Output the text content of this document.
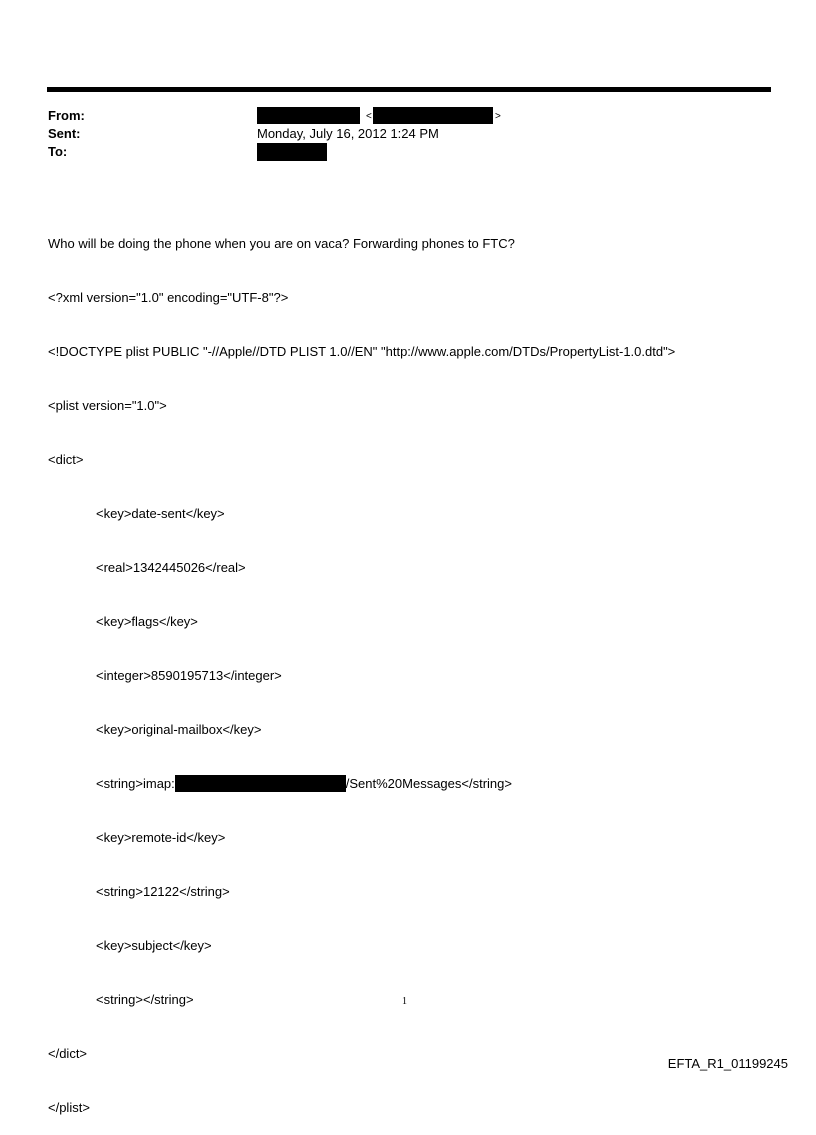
From:
Sent:
To:
<	>
Monday, July 16, 2012 1:24 PM

Who will be doing the phone when you are on vaca? Forwarding phones to FTC?

<?xml version="1.0" encoding="UTF-8"?>

<!DOCTYPE plist PUBLIC "-//Apple//DTD PLIST 1.0//EN" "http://www.apple.com/DTDs/PropertyList-1.0.dtd">

<plist version="1.0">

<dict>

<key>date-sent</key>

<real>1342445026</real>

<key>flags</key>

<integer>8590195713</integer>

<key>original-mailbox</key>

<string>imap:	/Sent%20Messages</string>

<key>remote-id</key>

<string>12122</string>

<key>subject</key>

<string></string>

</dict>

</plist>

1
EFTA_R1_01199245
